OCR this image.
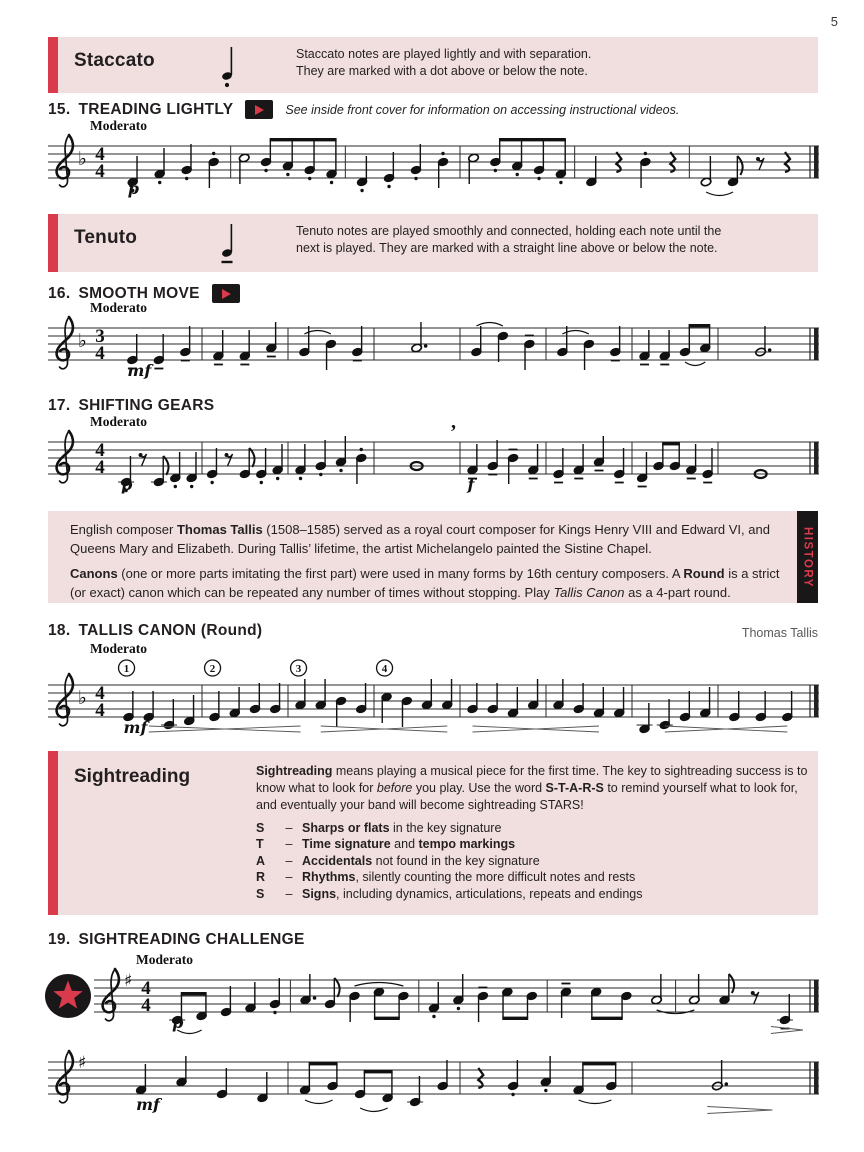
5
Staccato	Staccato notes are played lightly and with separation.
They are marked with a dot above or below the note.
15. TREADING LIGHTLY	See inside front cover for information on accessing instructional videos.
♭ 4
4
Moderato
p
Tenuto	Tenuto notes are played smoothly and connected, holding each note until the
next is played. They are marked with a straight line above or below the note.
16. SMOOTH MOVE
♭ 3
4
Moderato
mf
17. SHIFTING GEARS
4
4
Moderato
p	f
’
English composer Thomas Tallis (1508–1585) served as a royal court composer for Kings Henry VIII and Edward VI, and Queens Mary and Elizabeth. During Tallis’ lifetime, the artist Michelangelo painted the Sistine Chapel.
Canons (one or more parts imitating the first part) were used in many forms by 16th century composers. A Round is a strict (or exact) canon which can be repeated any number of times without stopping. Play Tallis Canon as a 4-part round.
HISTORY
18. TALLIS CANON (Round)	Thomas Tallis
♭ 4
4
Moderato
mf
1	2	3	4
Sightreading	Sightreading means playing a musical piece for the first time. The key to sightreading success is to know what to look for before you play. Use the word S-T-A-R-S to remind yourself what to look for, and eventually your band will become sightreading STARS!
S	– Sharps or flats in the key signature
T	– Time signature and tempo markings
A	– Accidentals not found in the key signature
R	– Rhythms, silently counting the more difficult notes and rests
S	– Signs, including dynamics, articulations, repeats and endings
19. SIGHTREADING CHALLENGE
♯ 4
4
Moderato
p
♯
mf
